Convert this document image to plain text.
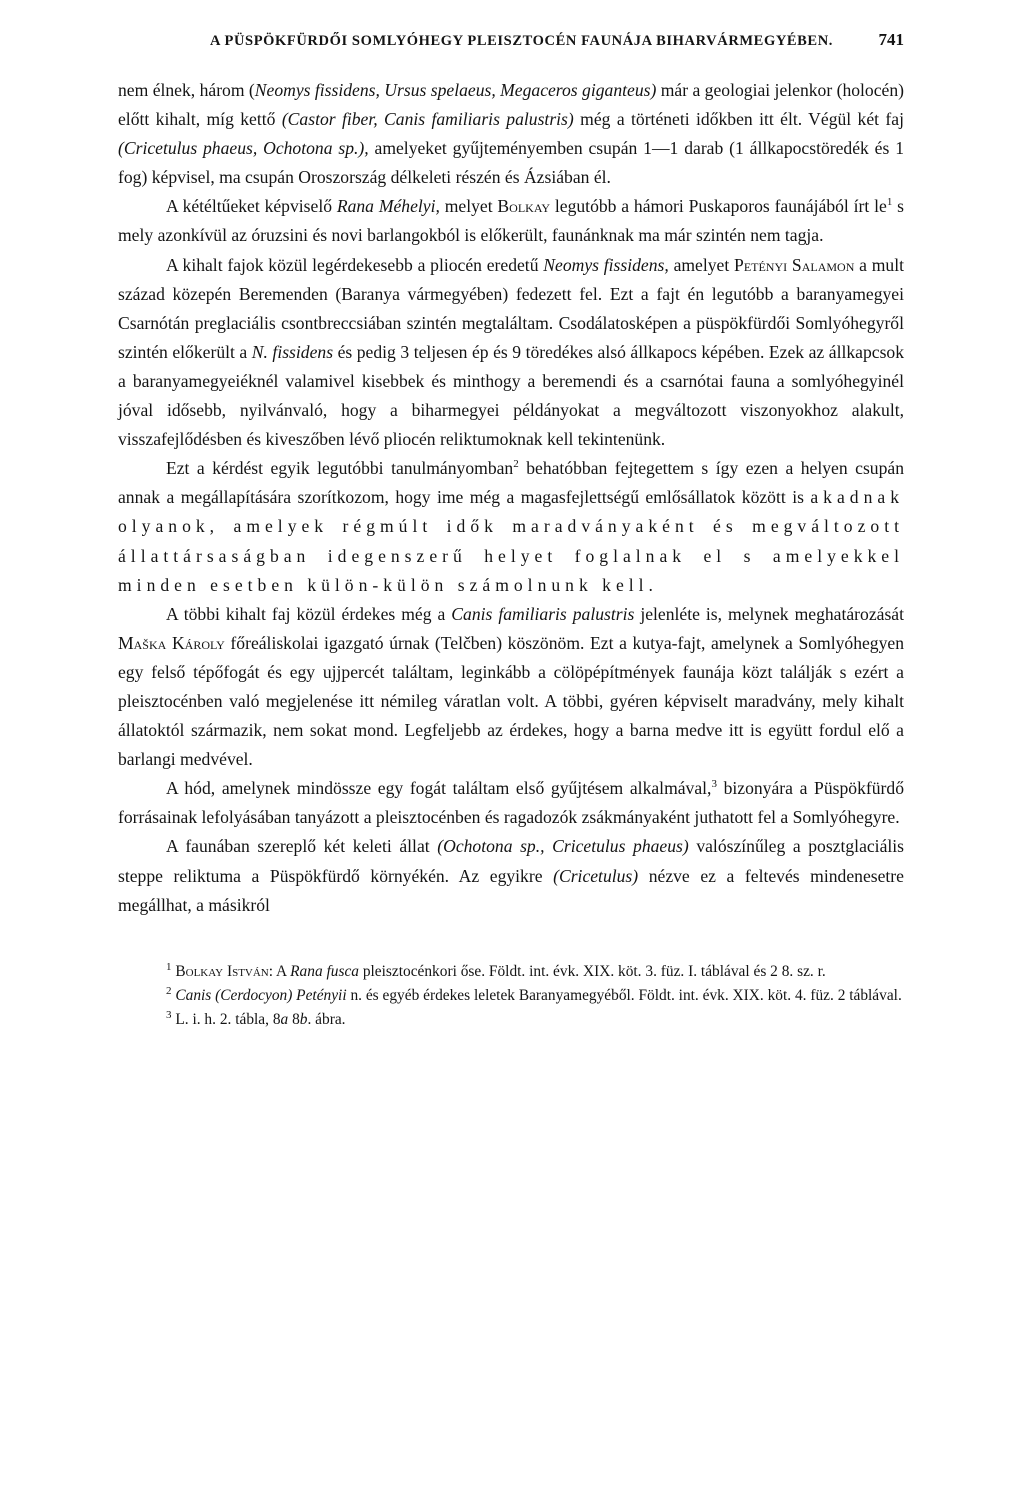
A PÜSPÖKFÜRDŐI SOMLYÓHEGY PLEISZTOCÉN FAUNÁJA BIHARVÁRMEGYÉBEN.	741

nem élnek, három (Neomys fissidens, Ursus spelaeus, Megaceros giganteus) már a geologiai jelenkor (holocén) előtt kihalt, míg kettő (Castor fiber, Canis familiaris palustris) még a történeti időkben itt élt. Végül két faj (Cricetulus phaeus, Ochotona sp.), amelyeket gyűjteményemben csupán 1—1 darab (1 állkapocstöredék és 1 fog) képvisel, ma csupán Oroszország délkeleti részén és Ázsiában él.

A kétéltűeket képviselő Rana Méhelyi, melyet Bolkay legutóbb a hámori Puskaporos faunájából írt $le^1$ s mely azonkívül az óruzsini és novi barlangokból is előkerült, faunánknak ma már szintén nem tagja.

A kihalt fajok közül legérdekesebb a pliocén eredetű Neomys fissidens, amelyet Petényi Salamon a mult század közepén Beremenden (Baranya vármegyében) fedezett fel. Ezt a fajt én legutóbb a baranyamegyei Csarnótán preglaciális csontbreccsiában szintén megtaláltam. Csodálatosképen a püspökfürdői Somlyóhegyről szintén előkerült a N. fissidens és pedig 3 teljesen ép és 9 töredékes alsó állkapocs képében. Ezek az állkapcsok a baranyamegyeiéknél valamivel kisebbek és minthogy a beremendi és a csarnótai fauna a somlyóhegyinél jóval idősebb, nyilvánvaló, hogy a biharmegyei példányokat a megváltozott viszonyokhoz alakult, visszafejlődésben és kiveszőben lévő pliocén reliktumoknak kell tekintenünk.

Ezt a kérdést egyik legutóbbi tanulmányomban$^2$ behatóbban fejtegettem s így ezen a helyen csupán annak a megállapítására szorítkozom, hogy ime még a magasfejlettségű emlősállatok között is akadnak olyanok, amelyek régmúlt idők maradványaként és megváltozott állattársaságban idegenszerű helyet foglalnak el s amelyekkel minden esetben külön-külön számolnunk kell.

A többi kihalt faj közül érdekes még a Canis familiaris palustris jelenléte is, melynek meghatározását Maška Károly főreáliskolai igazgató úrnak (Telčben) köszönöm. Ezt a kutya-fajt, amelynek a Somlyóhegyen egy felső tépőfogát és egy ujjpercét találtam, leginkább a cölöpépítmények faunája közt találják s ezért a pleisztocénben való megjelenése itt némileg váratlan volt. A többi, gyéren képviselt maradvány, mely kihalt állatoktól származik, nem sokat mond. Legfeljebb az érdekes, hogy a barna medve itt is együtt fordul elő a barlangi medvével.

A hód, amelynek mindössze egy fogát találtam első gyűjtésem alkalmával,$^3$ bizonyára a Püspökfürdő forrásainak lefolyásában tanyázott a pleisztocénben és ragadozók zsákmányaként juthatott fel a Somlyóhegyre.

A faunában szereplő két keleti állat (Ochotona sp., Cricetulus phaeus) valószínűleg a posztglaciális steppe reliktuma a Püspökfürdő környékén. Az egyikre (Cricetulus) nézve ez a feltevés mindenesetre megállhat, a másikról

$^1$ Bolkay István: A Rana fusca pleisztocénkori őse. Földt. int. évk. XIX. köt. 3. füz. I. táblával és 2 8. sz. r.

$^2$ Canis (Cerdocyon) Petényii n. és egyéb érdekes leletek Baranyamegyéből. Földt. int. évk. XIX. köt. 4. füz. 2 táblával.

$^3$ L. i. h. 2. tábla, 8a 8b. ábra.
